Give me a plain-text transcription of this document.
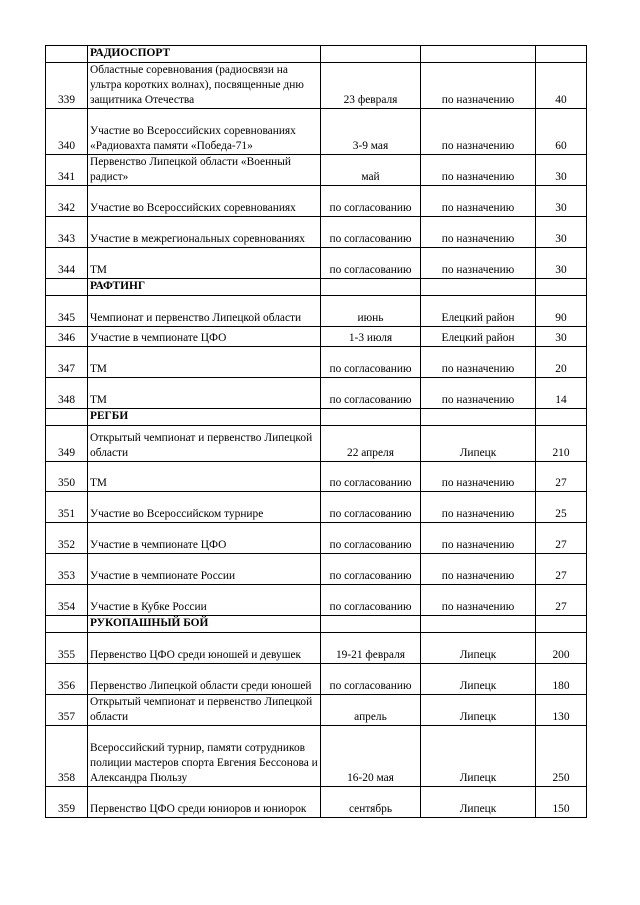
	РАДИОСПОРТ			
339	Областные соревнования (радиосвязи на ультра коротких волнах), посвященные дню защитника Отечества	23 февраля	по назначению	40
340	Участие во Всероссийских соревнованиях «Радиовахта памяти «Победа-71»	3-9 мая	по назначению	60
341	Первенство Липецкой области «Военный радист»	май	по назначению	30
342	Участие во Всероссийских соревнованиях	по согласованию	по назначению	30
343	Участие в межрегиональных соревнованиях	по согласованию	по назначению	30
344	ТМ	по согласованию	по назначению	30
	РАФТИНГ			
345	Чемпионат и первенство Липецкой области	июнь	Елецкий район	90
346	Участие в чемпионате ЦФО	1-3 июля	Елецкий район	30
347	ТМ	по согласованию	по назначению	20
348	ТМ	по согласованию	по назначению	14
	РЕГБИ			
349	Открытый чемпионат и первенство Липецкой области	22 апреля	Липецк	210
350	ТМ	по согласованию	по назначению	27
351	Участие во Всероссийском турнире	по согласованию	по назначению	25
352	Участие в чемпионате ЦФО	по согласованию	по назначению	27
353	Участие в чемпионате России	по согласованию	по назначению	27
354	Участие в Кубке России	по согласованию	по назначению	27
	РУКОПАШНЫЙ БОЙ			
355	Первенство ЦФО среди юношей и девушек	19-21 февраля	Липецк	200
356	Первенство Липецкой области среди юношей	по согласованию	Липецк	180
357	Открытый чемпионат и первенство Липецкой области	апрель	Липецк	130
358	Всероссийский турнир, памяти сотрудников полиции мастеров спорта Евгения Бессонова и Александра Пюльзу	16-20 мая	Липецк	250
359	Первенство ЦФО среди юниоров и юниорок	сентябрь	Липецк	150
